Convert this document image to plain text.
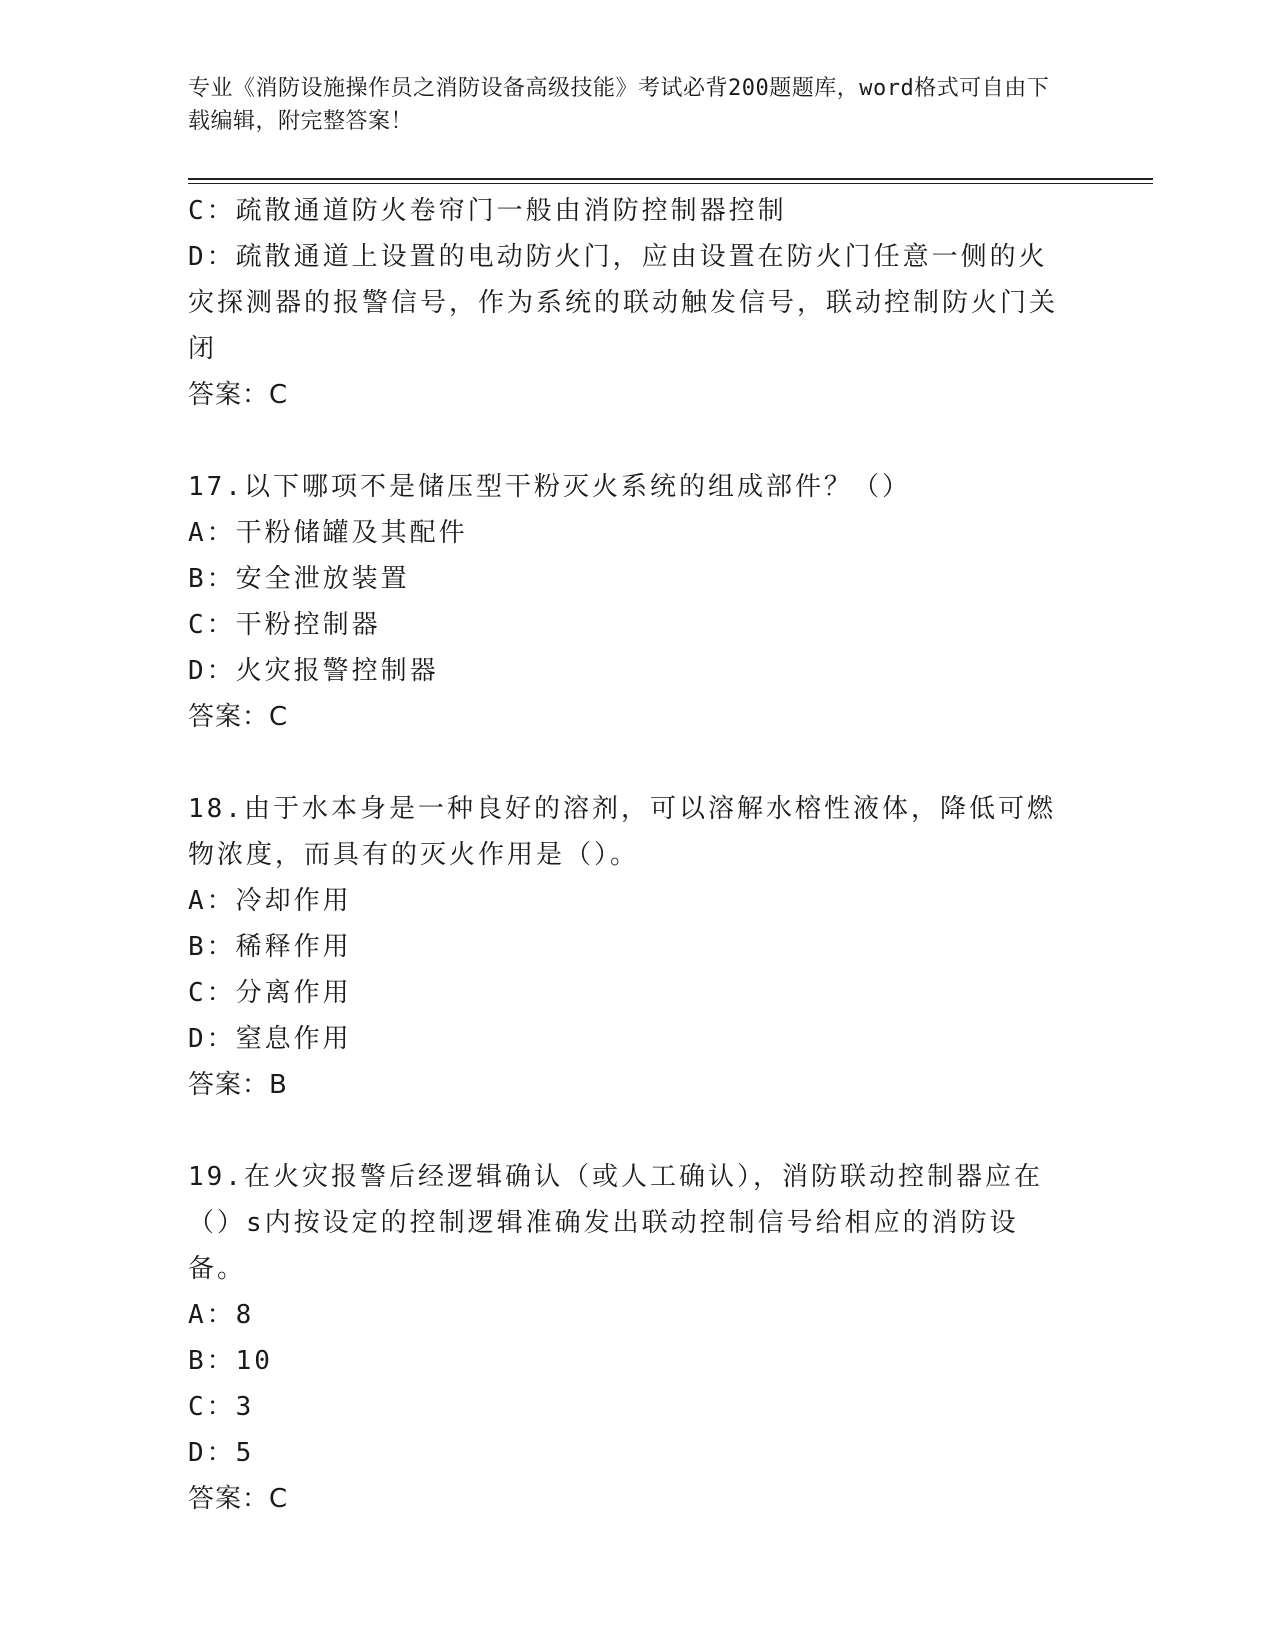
专业《消防设施操作员之消防设备高级技能》考试必背200题题库，word格式可自由下载编辑，附完整答案！

C：疏散通道防火卷帘门一般由消防控制器控制

D：疏散通道上设置的电动防火门，应由设置在防火门任意一侧的火灾探测器的报警信号，作为系统的联动触发信号，联动控制防火门关闭

答案：C

17.以下哪项不是储压型干粉灭火系统的组成部件？（）

A：干粉储罐及其配件

B：安全泄放装置

C：干粉控制器

D：火灾报警控制器

答案：C

18.由于水本身是一种良好的溶剂，可以溶解水榕性液体，降低可燃物浓度，而具有的灭火作用是（）。

A：冷却作用

B：稀释作用

C：分离作用

D：窒息作用

答案：B

19.在火灾报警后经逻辑确认（或人工确认），消防联动控制器应在（）s内按设定的控制逻辑准确发出联动控制信号给相应的消防设备。

A：8

B：10

C：3

D：5

答案：C
